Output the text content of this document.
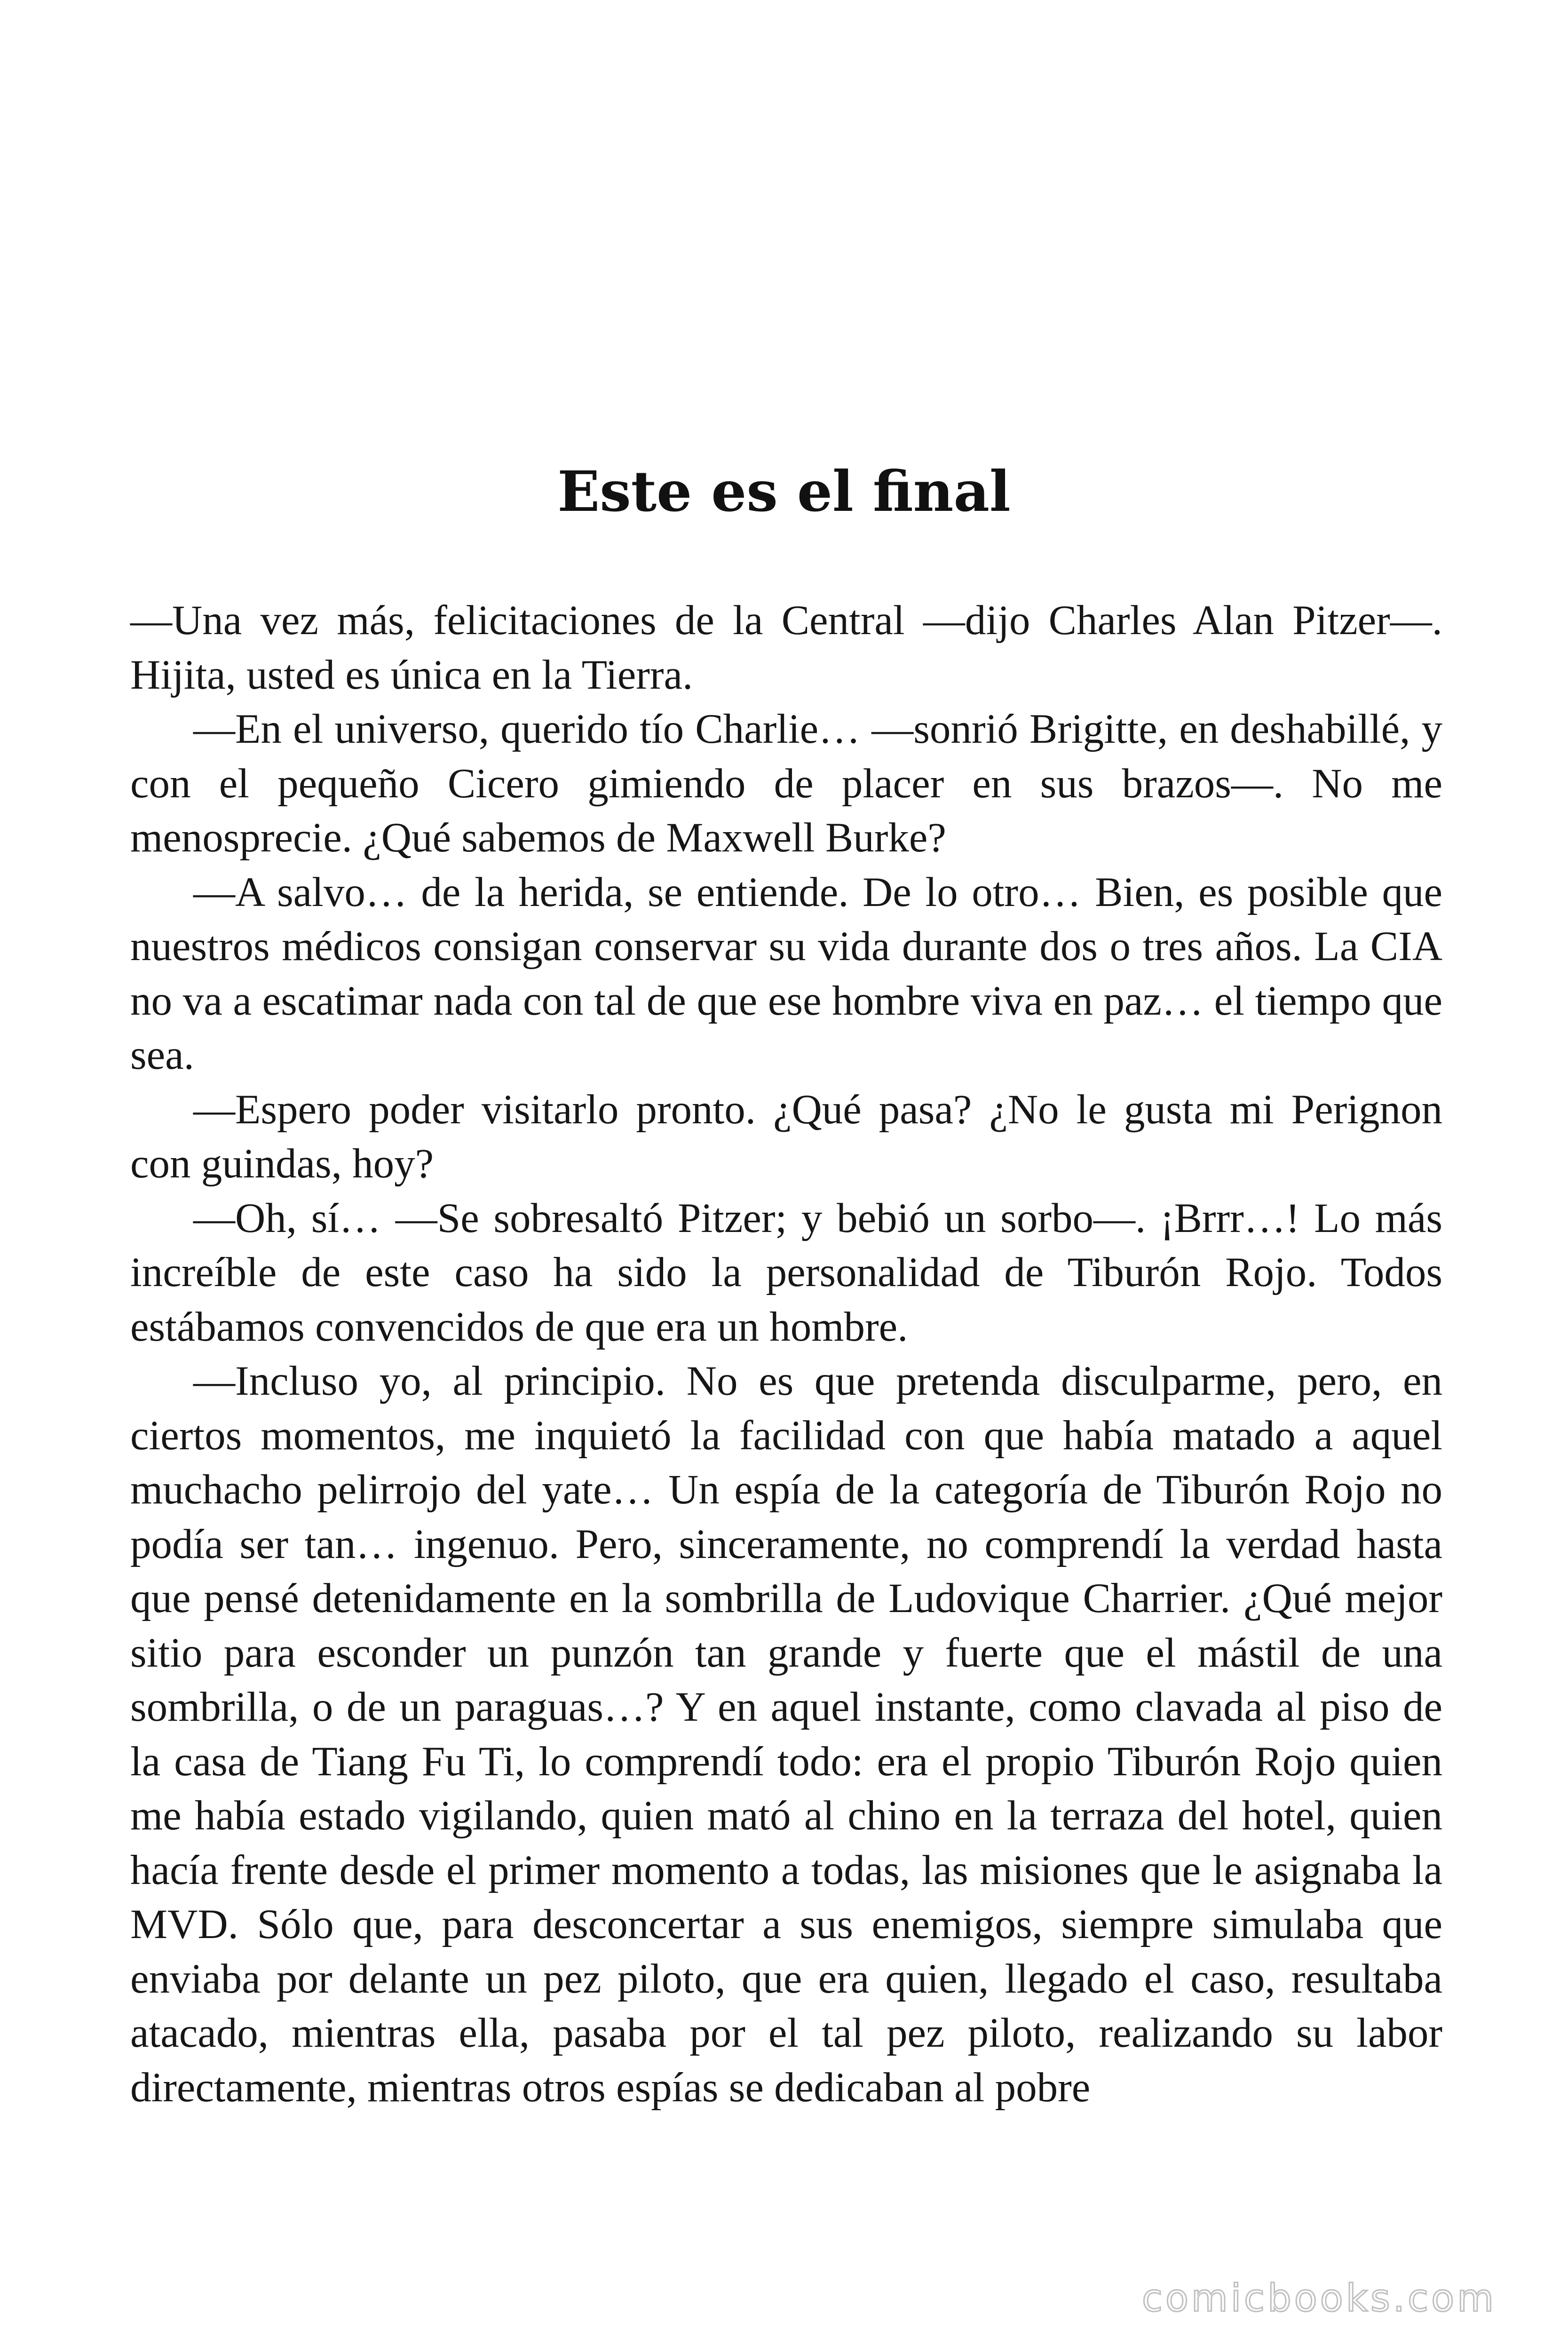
Este es el final

—Una vez más, felicitaciones de la Central —dijo Charles Alan Pitzer—. Hijita, usted es única en la Tierra.

—En el universo, querido tío Charlie… —sonrió Brigitte, en deshabillé, y con el pequeño Cicero gimiendo de placer en sus brazos—. No me menosprecie. ¿Qué sabemos de Maxwell Burke?

—A salvo… de la herida, se entiende. De lo otro… Bien, es posible que nuestros médicos consigan conservar su vida durante dos o tres años. La CIA no va a escatimar nada con tal de que ese hombre viva en paz… el tiempo que sea.

—Espero poder visitarlo pronto. ¿Qué pasa? ¿No le gusta mi Perignon con guindas, hoy?

—Oh, sí… —Se sobresaltó Pitzer; y bebió un sorbo—. ¡Brrr…! Lo más increíble de este caso ha sido la personalidad de Tiburón Rojo. Todos estábamos convencidos de que era un hombre.

—Incluso yo, al principio. No es que pretenda disculparme, pero, en ciertos momentos, me inquietó la facilidad con que había matado a aquel muchacho pelirrojo del yate… Un espía de la categoría de Tiburón Rojo no podía ser tan… ingenuo. Pero, sinceramente, no comprendí la verdad hasta que pensé detenidamente en la sombrilla de Ludovique Charrier. ¿Qué mejor sitio para esconder un punzón tan grande y fuerte que el mástil de una sombrilla, o de un paraguas…? Y en aquel instante, como clavada al piso de la casa de Tiang Fu Ti, lo comprendí todo: era el propio Tiburón Rojo quien me había estado vigilando, quien mató al chino en la terraza del hotel, quien hacía frente desde el primer momento a todas, las misiones que le asignaba la MVD. Sólo que, para desconcertar a sus enemigos, siempre simulaba que enviaba por delante un pez piloto, que era quien, llegado el caso, resultaba atacado, mientras ella, pasaba por el tal pez piloto, realizando su labor directamente, mientras otros espías se dedicaban al pobre

comicbooks.com
